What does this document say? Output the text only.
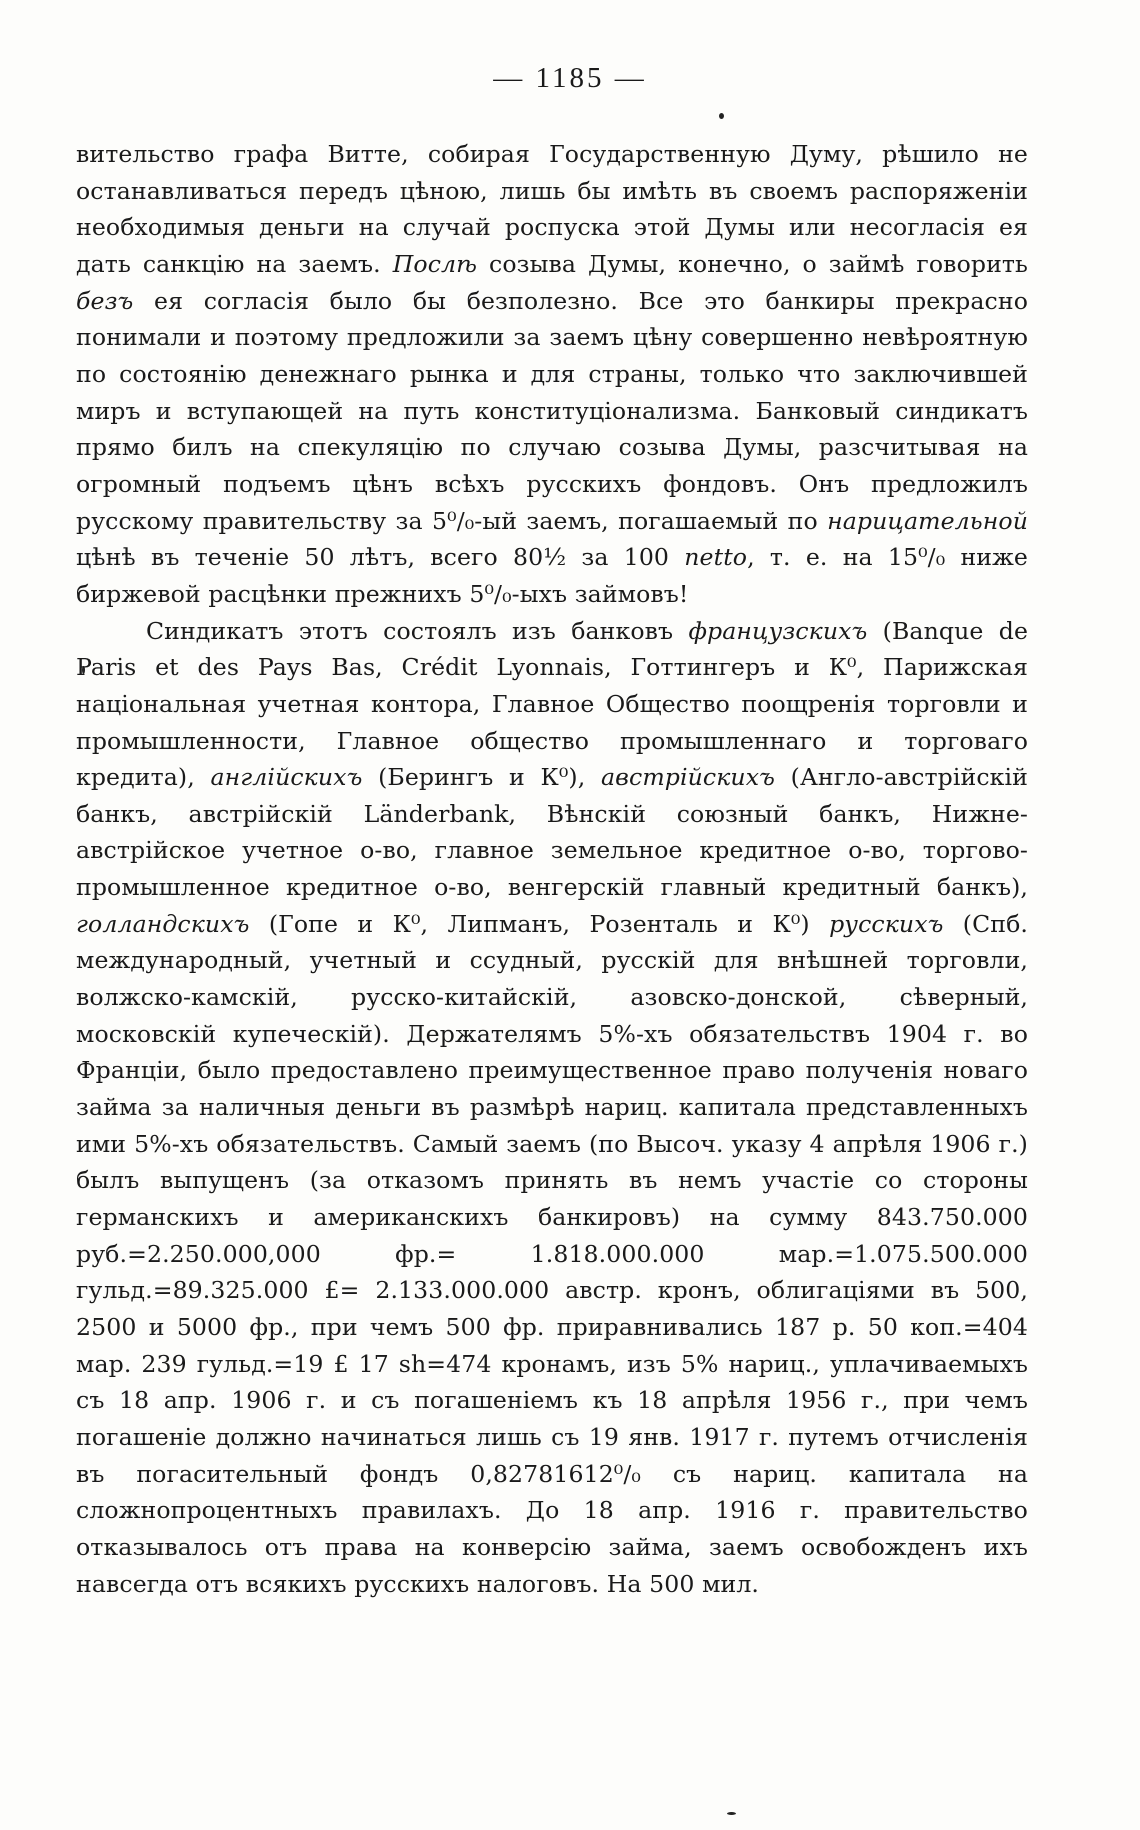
— 1185 —

вительство графа Витте, собирая Государственную Думу, рѣшило не останавливаться передъ цѣною, лишь бы имѣть въ своемъ распоряженіи необходимыя деньги на случай роспуска этой Думы или несогласія ея дать санкцію на заемъ. Послѣ созыва Думы, конечно, о займѣ говорить безъ ея согласія было бы безполезно. Все это банкиры прекрасно понимали и поэтому предложили за заемъ цѣну совершенно невѣроятную по состоянію денежнаго рынка и для страны, только что заключившей миръ и вступающей на путь конституціонализма. Банковый синдикатъ прямо билъ на спекуляцію по случаю созыва Думы, разсчитывая на огромный подъемъ цѣнъ всѣхъ русскихъ фондовъ. Онъ предложилъ русскому правительству за 5⁰/₀-ый заемъ, погашаемый по нарицательной цѣнѣ въ теченіе 50 лѣтъ, всего 80½ за 100 netto, т. е. на 15⁰/₀ ниже биржевой расцѣнки прежнихъ 5⁰/₀-ыхъ займовъ!

Синдикатъ этотъ состоялъ изъ банковъ французскихъ (Banque de Paris et des Pays Bas, Crédit Lyonnais, Готтингеръ и К⁰, Парижская національная учетная контора, Главное Общество поощренія торговли и промышленности, Главное общество промышленнаго и торговаго кредита), англійскихъ (Берингъ и К⁰), австрійскихъ (Англо-австрійскій банкъ, австрійскій Länderbank, Вѣнскій союзный банкъ, Нижне-австрійское учетное о-во, главное земельное кредитное о-во, торгово-промышленное кредитное о-во, венгерскій главный кредитный банкъ), голландскихъ (Гопе и К⁰, Липманъ, Розенталь и К⁰) русскихъ (Спб. международный, учетный и ссудный, русскій для внѣшней торговли, волжско-камскій, русско-китайскій, азовско-донской, сѣверный, московскій купеческій). Держателямъ 5%-хъ обязательствъ 1904 г. во Франціи, было предоставлено преимущественное право полученія новаго займа за наличныя деньги въ размѣрѣ нариц. капитала представленныхъ ими 5%-хъ обязательствъ. Самый заемъ (по Высоч. указу 4 апрѣля 1906 г.) былъ выпущенъ (за отказомъ принять въ немъ участіе со стороны германскихъ и американскихъ банкировъ) на сумму 843.750.000 руб.=2.250.000,000 фр.= 1.818.000.000 мар.=1.075.500.000 гульд.=89.325.000 £= 2.133.000.000 австр. кронъ, облигаціями въ 500, 2500 и 5000 фр., при чемъ 500 фр. приравнивались 187 р. 50 коп.=404 мар. 239 гульд.=19 £ 17 sh=474 кронамъ, изъ 5% нариц., уплачиваемыхъ съ 18 апр. 1906 г. и съ погашеніемъ къ 18 апрѣля 1956 г., при чемъ погашеніе должно начинаться лишь съ 19 янв. 1917 г. путемъ отчисленія въ погасительный фондъ 0,82781612⁰/₀ съ нариц. капитала на сложнопроцентныхъ правилахъ. До 18 апр. 1916 г. правительство отказывалось отъ права на конверсію займа, заемъ освобожденъ ихъ навсегда отъ всякихъ русскихъ налоговъ. На 500 мил.
